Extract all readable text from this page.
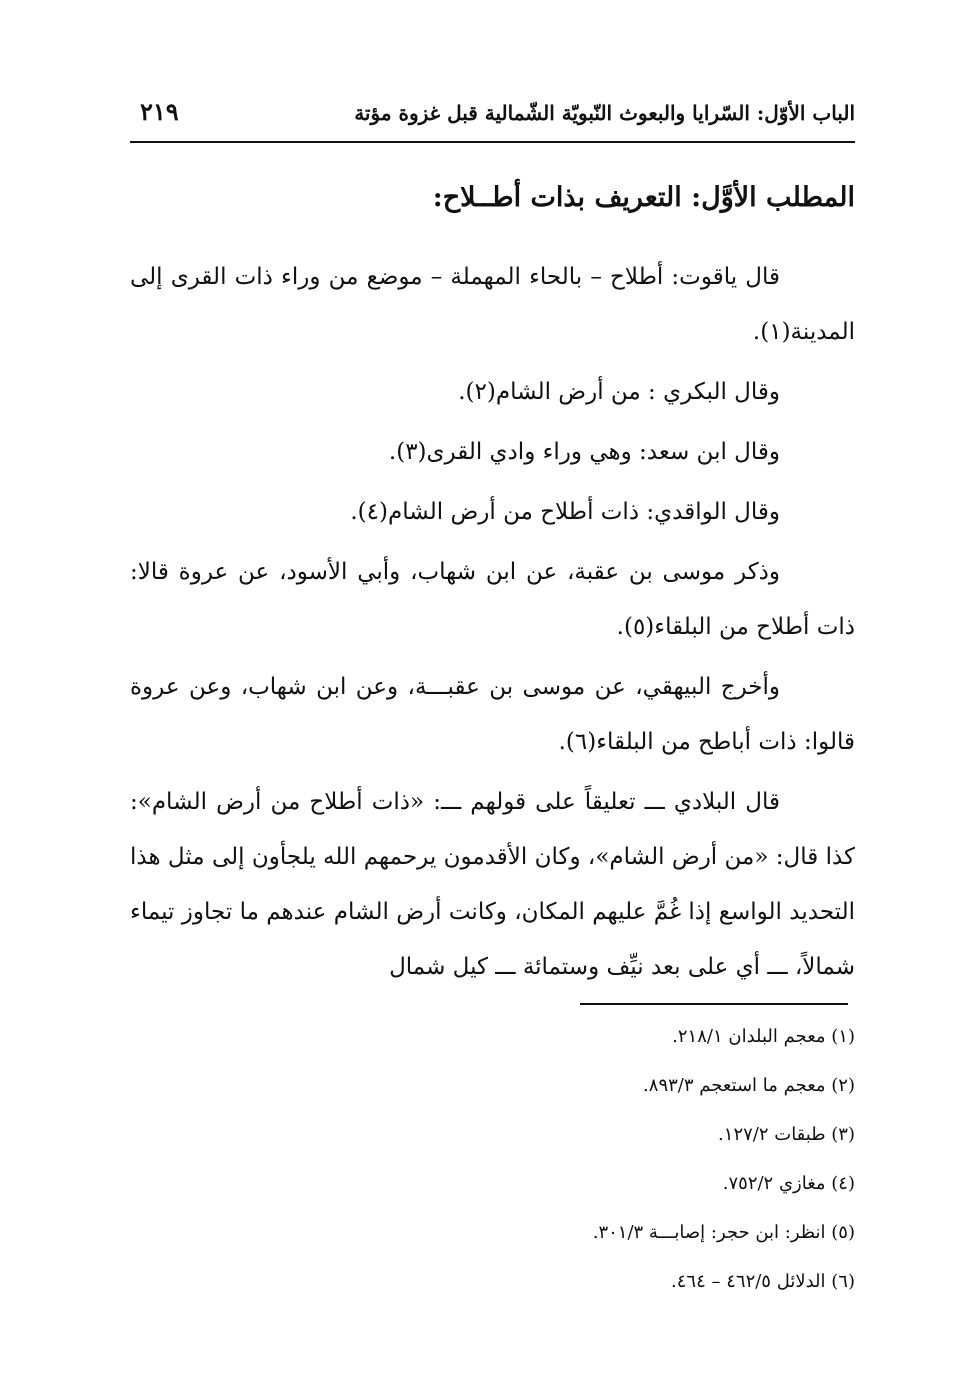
الباب الأوّل: السّرايا والبعوث النّبويّة الشّمالية قبل غزوة مؤتة
٢١٩
المطلب الأوَّل: التعريف بذات أطــلاح:

قال ياقوت: أطلاح – بالحاء المهملة – موضع من وراء ذات القرى إلى المدينة(١).

وقال البكري : من أرض الشام(٢).

وقال ابن سعد: وهي وراء وادي القرى(٣).

وقال الواقدي: ذات أطلاح من أرض الشام(٤).

وذكر موسى بن عقبة، عن ابن شهاب، وأبي الأسود، عن عروة قالا: ذات أطلاح من البلقاء(٥).

وأخرج البيهقي، عن موسى بن عقبـــة، وعن ابن شهاب، وعن عروة قالوا: ذات أباطح من البلقاء(٦).

قال البلادي ـــ تعليقاً على قولهم ـــ: «ذات أطلاح من أرض الشام»: كذا قال: «من أرض الشام»، وكان الأقدمون يرحمهم الله يلجأون إلى مثل هذا التحديد الواسع إذا غُمَّ عليهم المكان، وكانت أرض الشام عندهم ما تجاوز تيماء شمالاً، ـــ أي على بعد نيِّف وستمائة ـــ كيل شمال

(١) معجم البلدان ٢١٨/١.
(٢) معجم ما استعجم ٨٩٣/٣.
(٣) طبقات ١٢٧/٢.
(٤) مغازي ٧٥٢/٢.
(٥) انظر: ابن حجر: إصابـــة ٣٠١/٣.
(٦) الدلائل ٤٦٢/٥ – ٤٦٤.
